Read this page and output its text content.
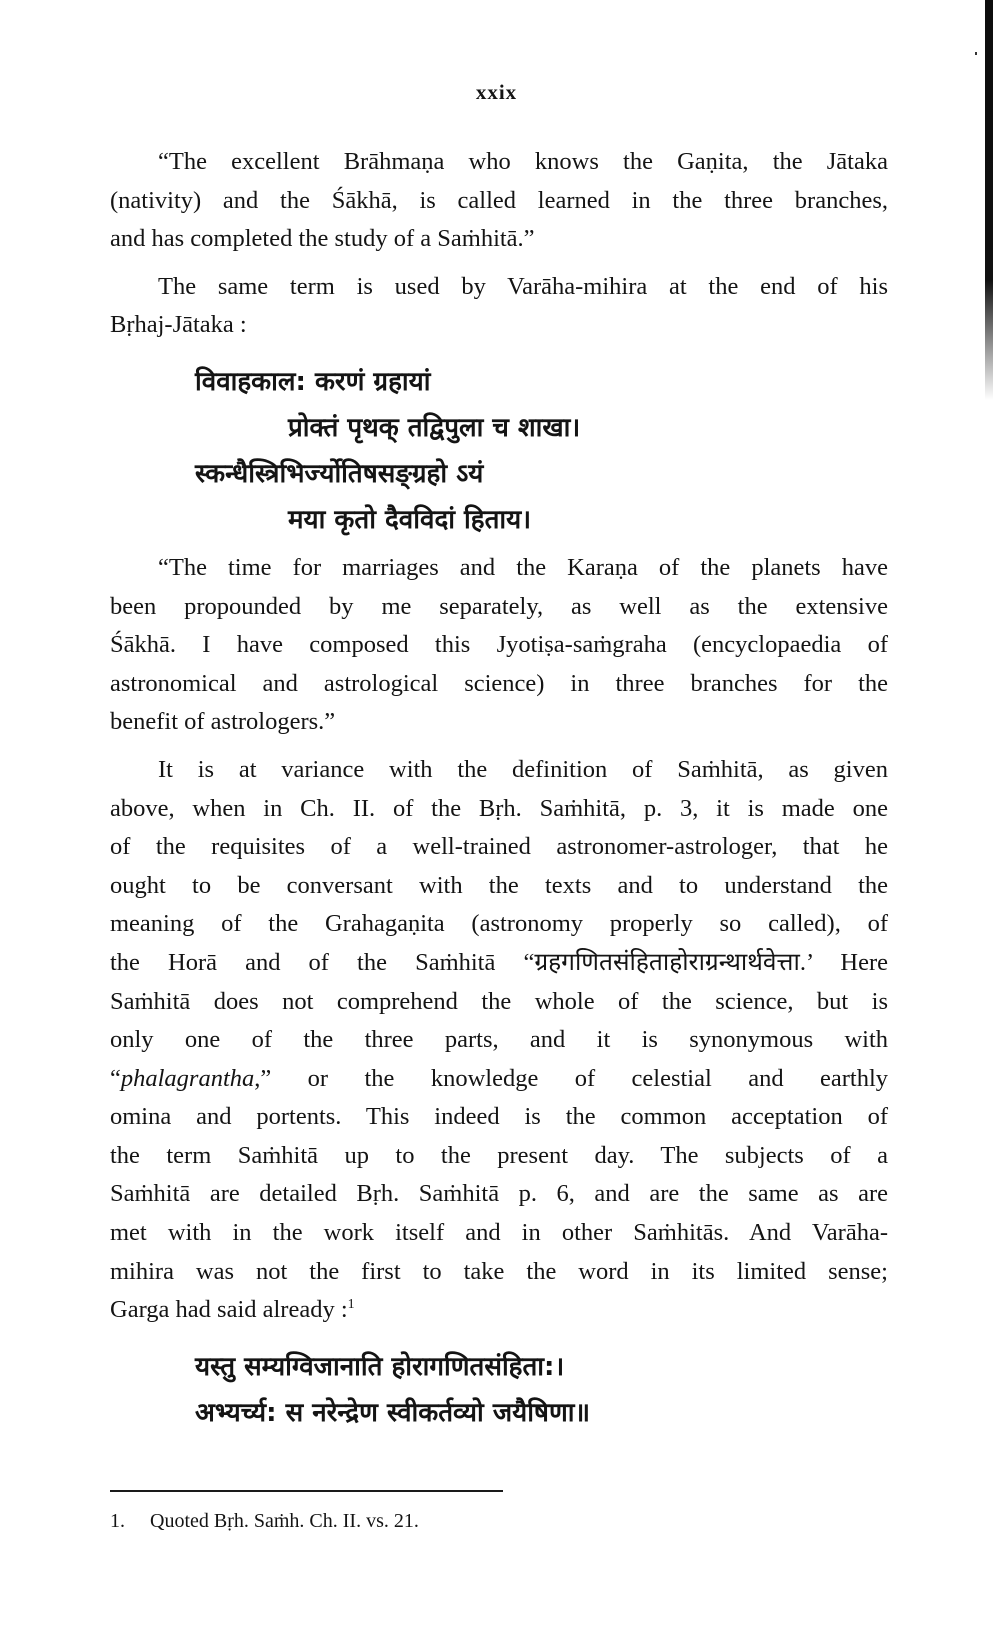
xxix

“The excellent Brāhmaṇa who knows the Gaṇita, the Jātaka
(nativity) and the Śākhā, is called learned in the three branches,
and has completed the study of a Saṁhitā.”

The same term is used by Varāha-mihira at the end of his
Bṛhaj-Jātaka :

विवाहकाल: करणं ग्रहायां
प्रोक्तं पृथक् तद्विपुला च शाखा।
स्कन्धैस्त्रिभिर्ज्योतिषसङ्ग्रहो ऽयं
मया कृतो दैवविदां हिताय।

“The time for marriages and the Karaṇa of the planets have
been propounded by me separately, as well as the extensive
Śākhā. I have composed this Jyotiṣa-saṁgraha (encyclopaedia of
astronomical and astrological science) in three branches for the
benefit of astrologers.”

It is at variance with the definition of Saṁhitā, as given
above, when in Ch. II. of the Bṛh. Saṁhitā, p. 3, it is made one
of the requisites of a well-trained astronomer-astrologer, that he
ought to be conversant with the texts and to understand the
meaning of the Grahagaṇita (astronomy properly so called), of
the Horā and of the Saṁhitā “ग्रहगणितसंहिताहोराग्रन्थार्थवेत्ता.’ Here
Saṁhitā does not comprehend the whole of the science, but is
only one of the three parts, and it is synonymous with
“phalagrantha,” or the knowledge of celestial and earthly
omina and portents. This indeed is the common acceptation of
the term Saṁhitā up to the present day. The subjects of a
Saṁhitā are detailed Bṛh. Saṁhitā p. 6, and are the same as are
met with in the work itself and in other Saṁhitās. And Varāha-
mihira was not the first to take the word in its limited sense;
Garga had said already :$^1$

यस्तु सम्यग्विजानाति होरागणितसंहिता:।
अभ्यर्च्य: स नरेन्द्रेण स्वीकर्तव्यो जयैषिणा॥
1. Quoted Bṛh. Saṁh. Ch. II. vs. 21.
